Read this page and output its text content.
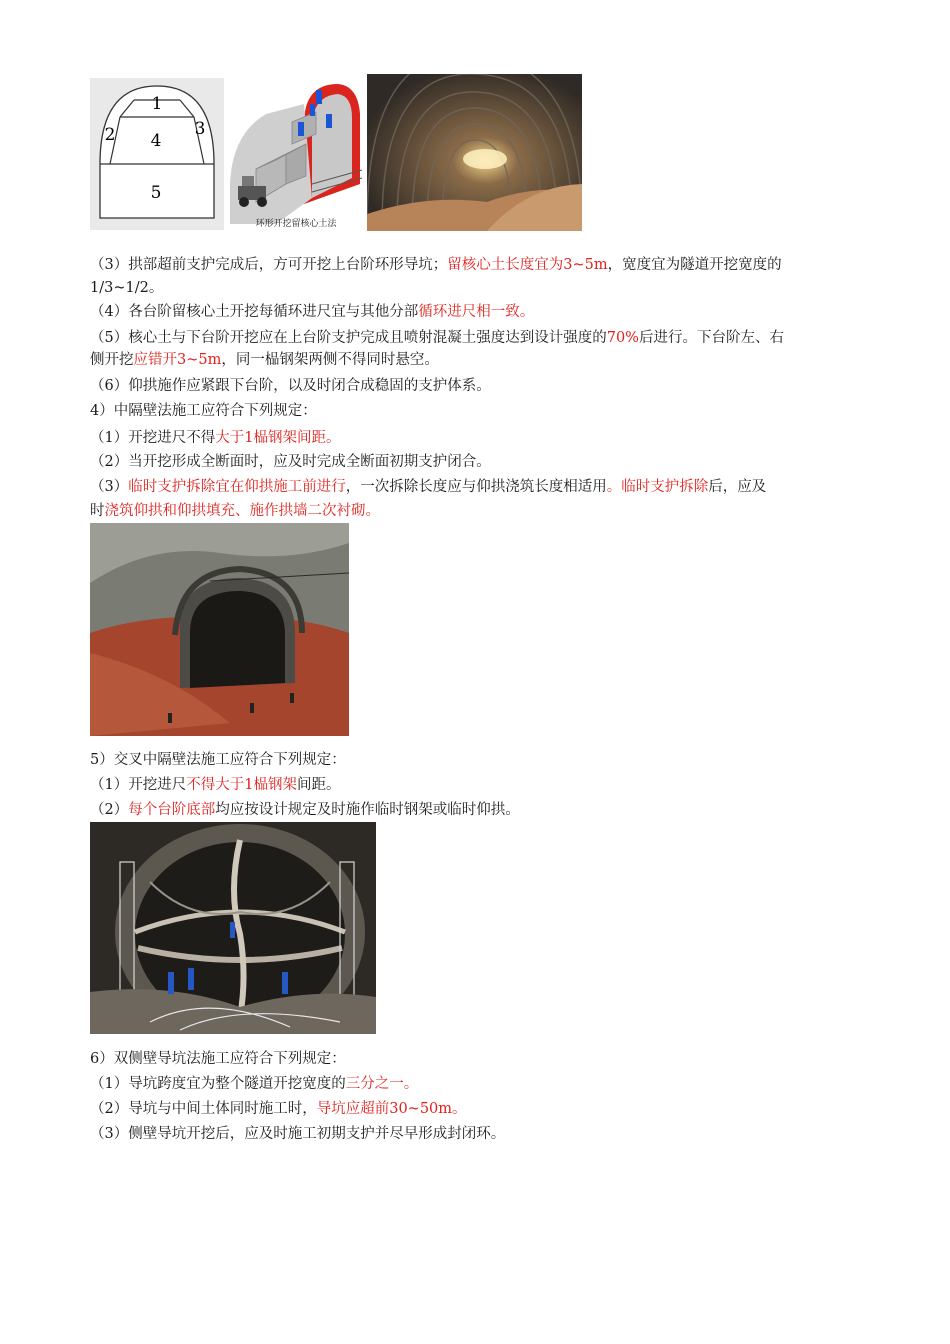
1
2	3
4
5
环形开挖留核心土法
（3）拱部超前支护完成后，方可开挖上台阶环形导坑；留核心土长度宜为3~5m，宽度宜为隧道开挖宽度的
1/3~1/2。
（4）各台阶留核心土开挖每循环进尺宜与其他分部循环进尺相一致。
（5）核心土与下台阶开挖应在上台阶支护完成且喷射混凝土强度达到设计强度的70%后进行。下台阶左、右
侧开挖应错开3~5m，同一榀钢架两侧不得同时悬空。
（6）仰拱施作应紧跟下台阶，以及时闭合成稳固的支护体系。
4）中隔壁法施工应符合下列规定：
（1）开挖进尺不得大于1榀钢架间距。
（2）当开挖形成全断面时，应及时完成全断面初期支护闭合。
（3）临时支护拆除宜在仰拱施工前进行，一次拆除长度应与仰拱浇筑长度相适用。临时支护拆除后，应及
时浇筑仰拱和仰拱填充、施作拱墙二次衬砌。
5）交叉中隔壁法施工应符合下列规定：
（1）开挖进尺不得大于1榀钢架间距。
（2）每个台阶底部均应按设计规定及时施作临时钢架或临时仰拱。
6）双侧壁导坑法施工应符合下列规定：
（1）导坑跨度宜为整个隧道开挖宽度的三分之一。
（2）导坑与中间土体同时施工时，导坑应超前30~50m。
（3）侧壁导坑开挖后，应及时施工初期支护并尽早形成封闭环。
